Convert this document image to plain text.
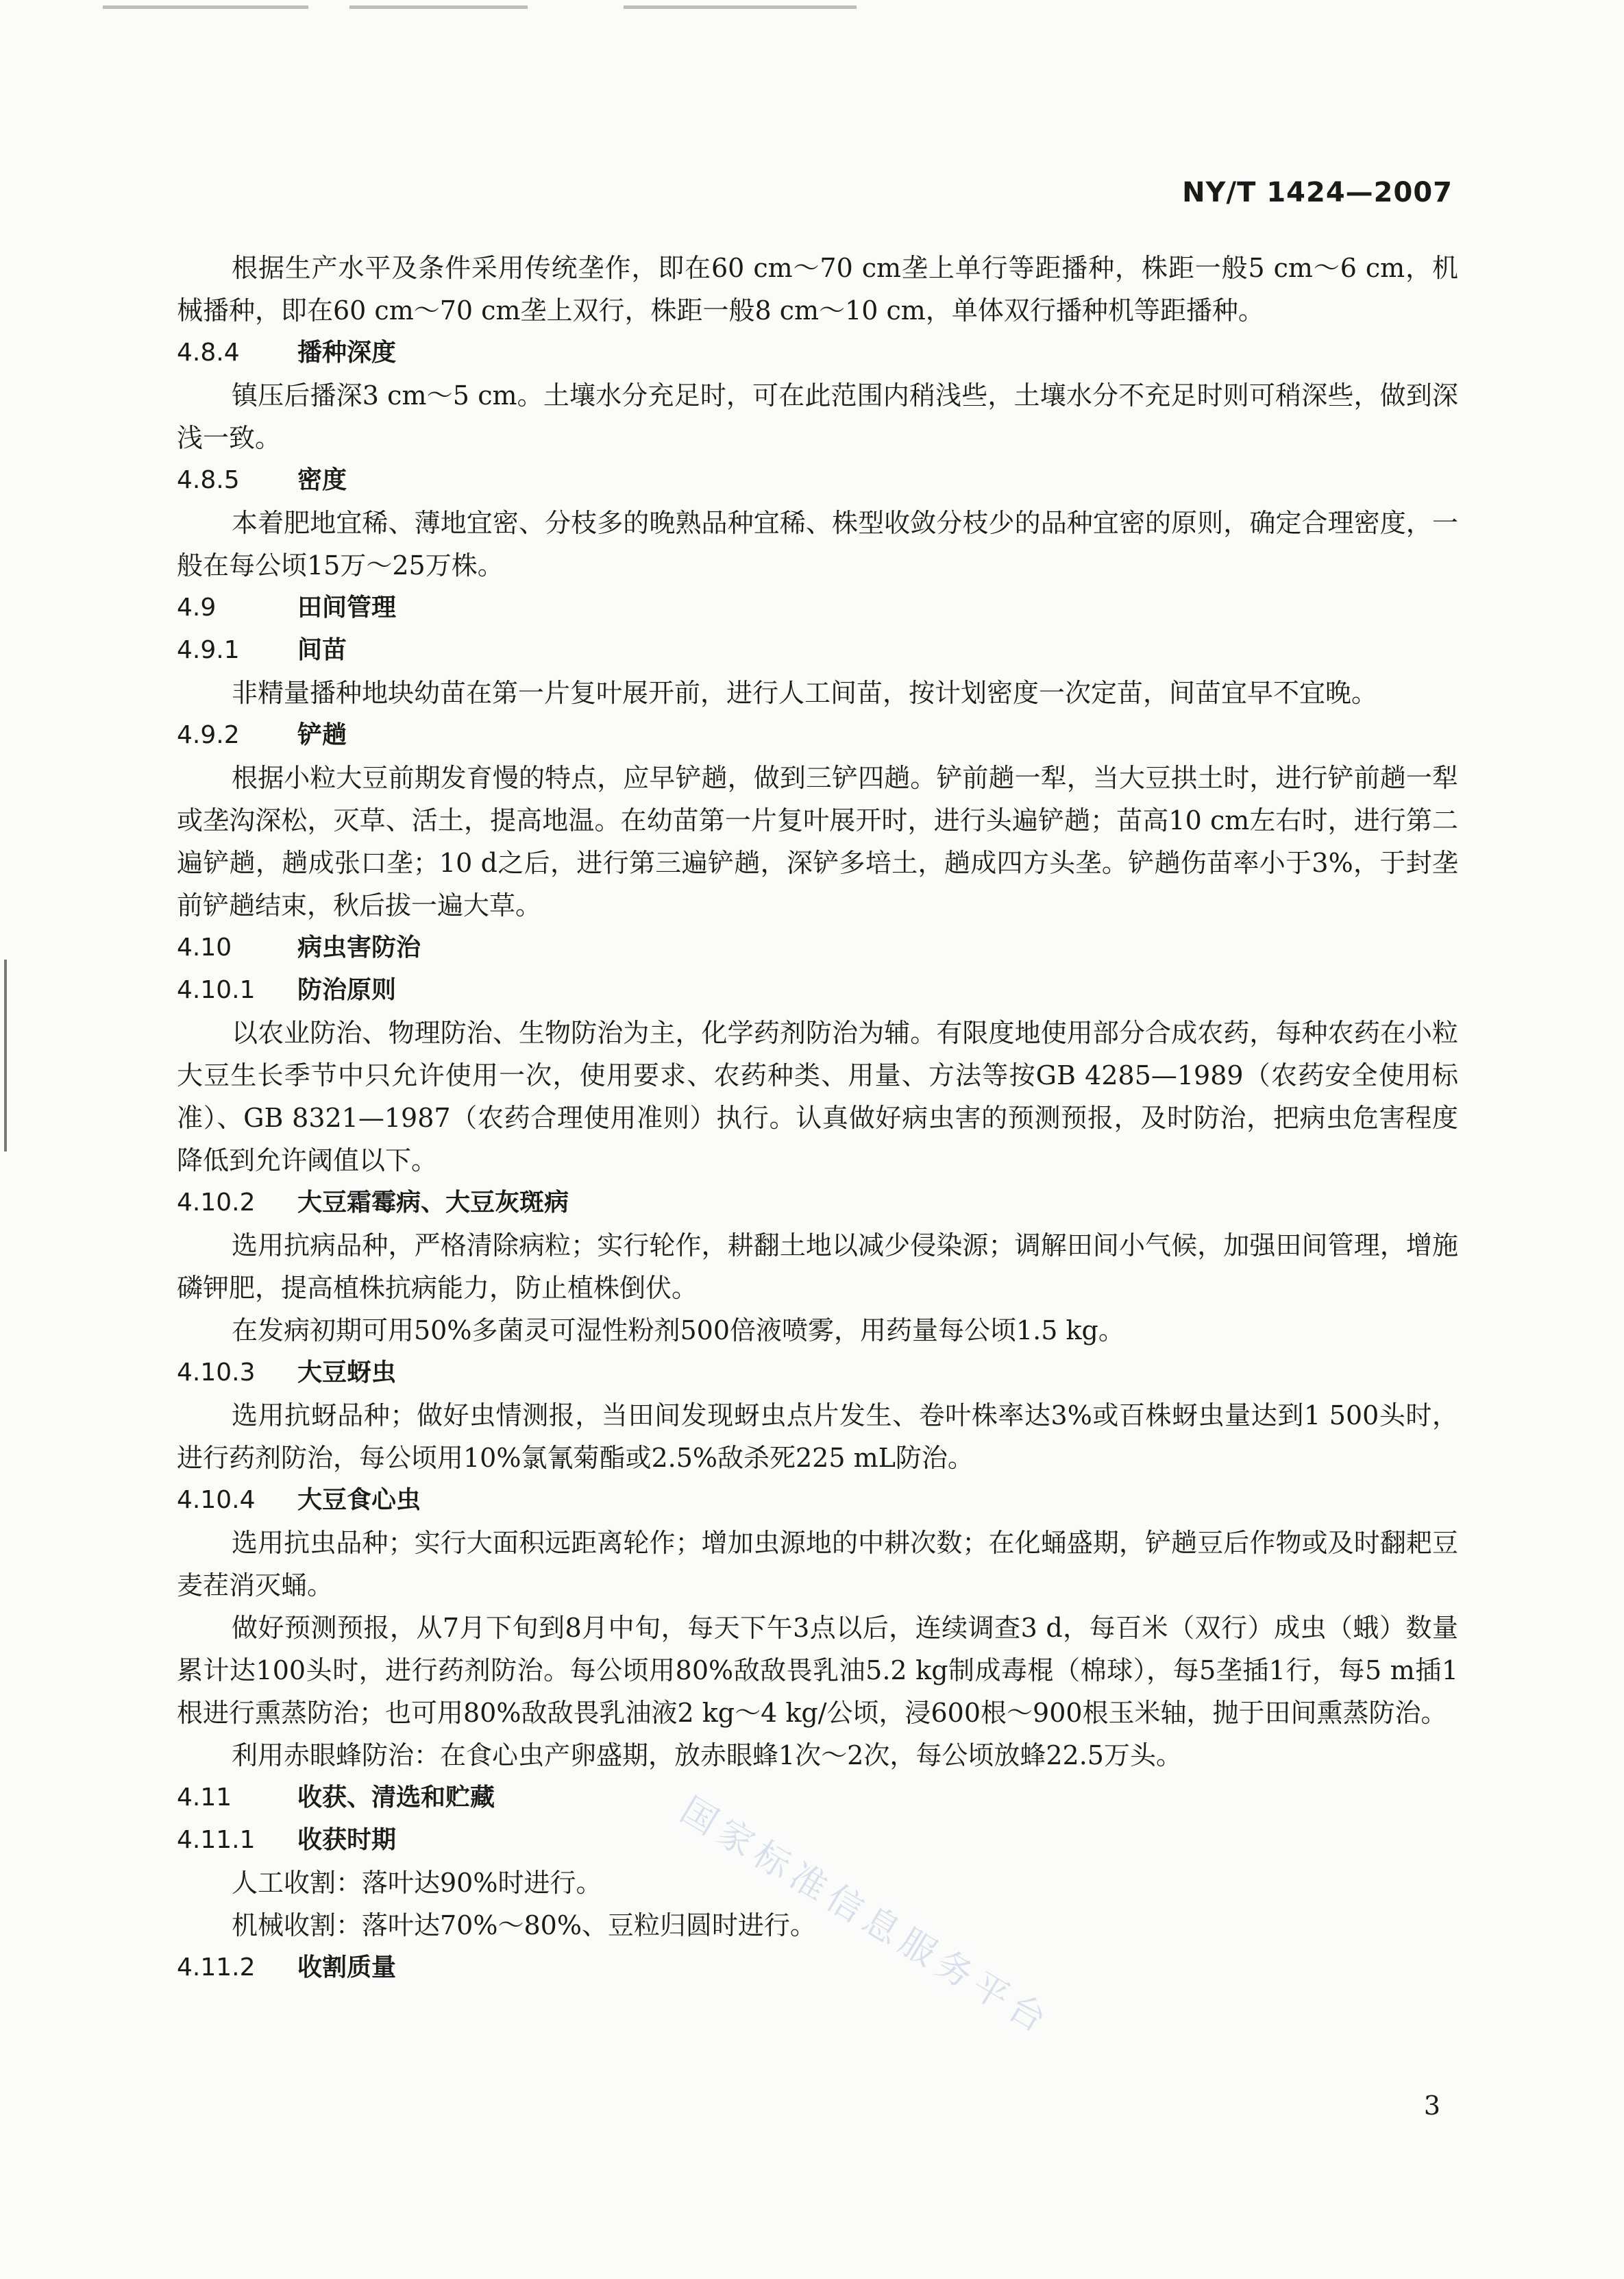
NY/T 1424—2007
根据生产水平及条件采用传统垄作，即在60 cm～70 cm垄上单行等距播种，株距一般5 cm～6 cm，机械播种，即在60 cm～70 cm垄上双行，株距一般8 cm～10 cm，单体双行播种机等距播种。
4.8.4 播种深度
镇压后播深3 cm～5 cm。土壤水分充足时，可在此范围内稍浅些，土壤水分不充足时则可稍深些，做到深浅一致。
4.8.5 密度
本着肥地宜稀、薄地宜密、分枝多的晚熟品种宜稀、株型收敛分枝少的品种宜密的原则，确定合理密度，一般在每公顷15万～25万株。
4.9	田间管理
4.9.1 间苗
非精量播种地块幼苗在第一片复叶展开前，进行人工间苗，按计划密度一次定苗，间苗宜早不宜晚。
4.9.2 铲趟
根据小粒大豆前期发育慢的特点，应早铲趟，做到三铲四趟。铲前趟一犁，当大豆拱土时，进行铲前趟一犁或垄沟深松，灭草、活土，提高地温。在幼苗第一片复叶展开时，进行头遍铲趟；苗高10 cm左右时，进行第二遍铲趟，趟成张口垄；10 d之后，进行第三遍铲趟，深铲多培土，趟成四方头垄。铲趟伤苗率小于3%，于封垄前铲趟结束，秋后拔一遍大草。
4.10	病虫害防治
4.10.1 防治原则
以农业防治、物理防治、生物防治为主，化学药剂防治为辅。有限度地使用部分合成农药，每种农药在小粒大豆生长季节中只允许使用一次，使用要求、农药种类、用量、方法等按GB 4285—1989（农药安全使用标准）、GB 8321—1987（农药合理使用准则）执行。认真做好病虫害的预测预报，及时防治，把病虫危害程度降低到允许阈值以下。
4.10.2 大豆霜霉病、大豆灰斑病
选用抗病品种，严格清除病粒；实行轮作，耕翻土地以减少侵染源；调解田间小气候，加强田间管理，增施磷钾肥，提高植株抗病能力，防止植株倒伏。
在发病初期可用50%多菌灵可湿性粉剂500倍液喷雾，用药量每公顷1.5 kg。
4.10.3 大豆蚜虫
选用抗蚜品种；做好虫情测报，当田间发现蚜虫点片发生、卷叶株率达3%或百株蚜虫量达到1 500头时，进行药剂防治，每公顷用10%氯氰菊酯或2.5%敌杀死225 mL防治。
4.10.4 大豆食心虫
选用抗虫品种；实行大面积远距离轮作；增加虫源地的中耕次数；在化蛹盛期，铲趟豆后作物或及时翻耙豆麦茬消灭蛹。
做好预测预报，从7月下旬到8月中旬，每天下午3点以后，连续调查3 d，每百米（双行）成虫（蛾）数量累计达100头时，进行药剂防治。每公顷用80%敌敌畏乳油5.2 kg制成毒棍（棉球），每5垄插1行，每5 m插1根进行熏蒸防治；也可用80%敌敌畏乳油液2 kg～4 kg/公顷，浸600根～900根玉米轴，抛于田间熏蒸防治。
利用赤眼蜂防治：在食心虫产卵盛期，放赤眼蜂1次～2次，每公顷放蜂22.5万头。
4.11	收获、清选和贮藏
4.11.1 收获时期
人工收割：落叶达90%时进行。
机械收割：落叶达70%～80%、豆粒归圆时进行。
4.11.2 收割质量
3
国家标准信息服务平台
